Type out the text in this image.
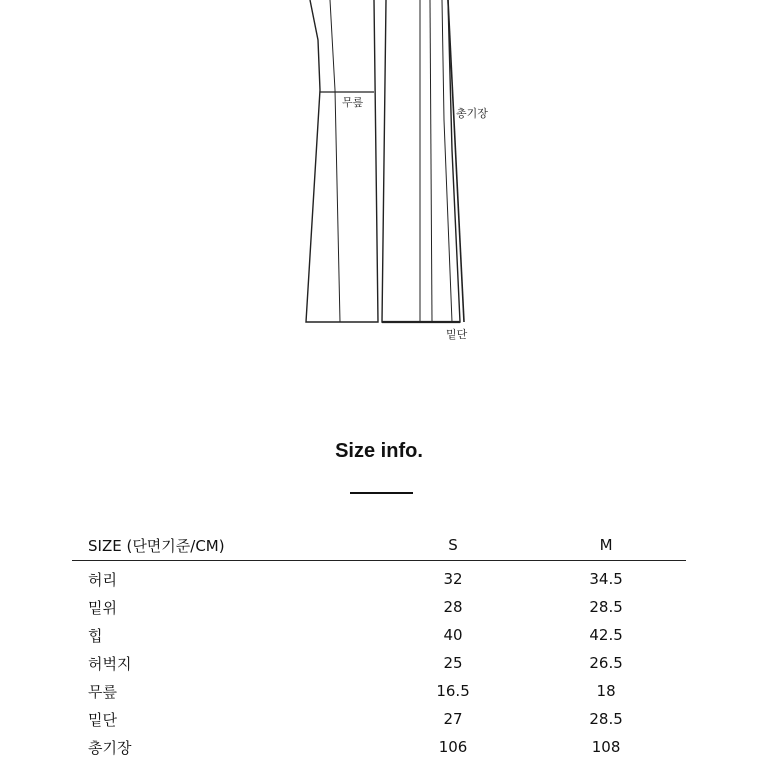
무릎
총기장
밑단
Size info.
SIZE (단면기준/CM)	S	M
허리	32	34.5
밑위	28	28.5
힙	40	42.5
허벅지	25	26.5
무릎	16.5	18
밑단	27	28.5
총기장	106	108
